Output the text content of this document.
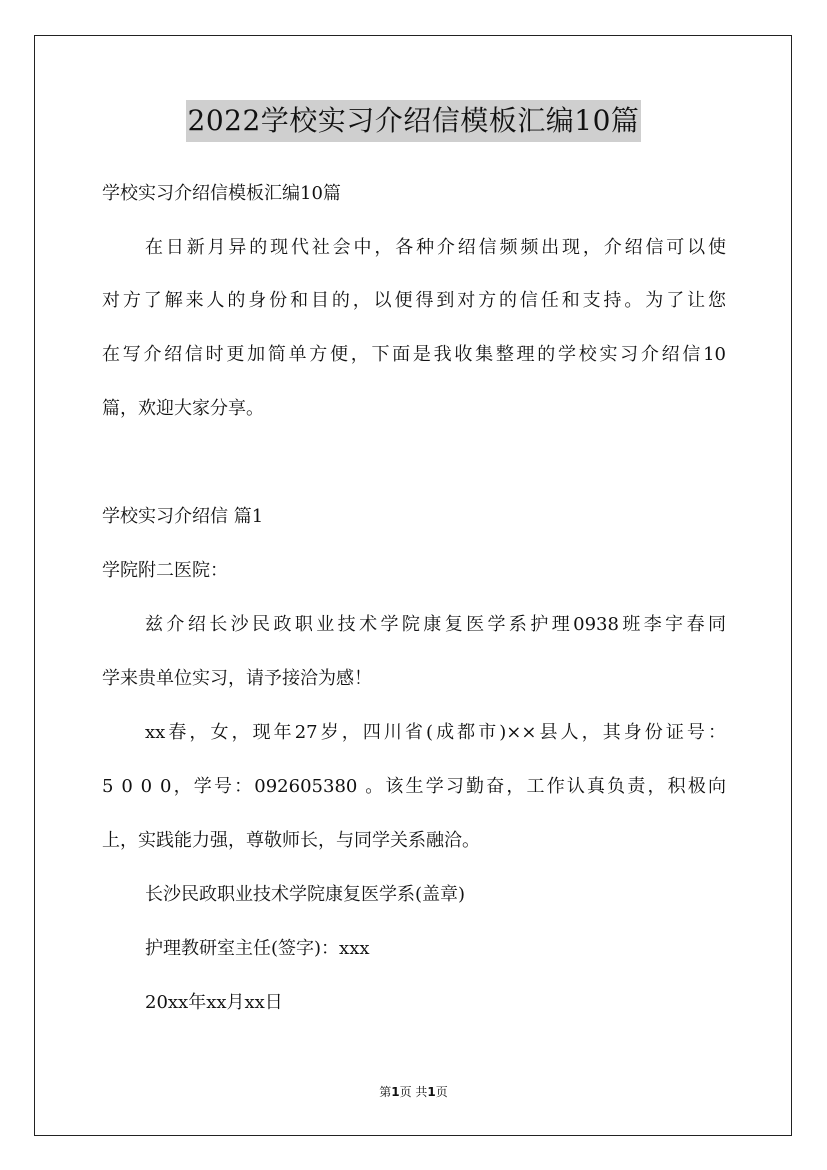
2022学校实习介绍信模板汇编10篇
学校实习介绍信模板汇编10篇
在日新月异的现代社会中，各种介绍信频频出现，介绍信可以使
对方了解来人的身份和目的，以便得到对方的信任和支持。为了让您
在写介绍信时更加简单方便，下面是我收集整理的学校实习介绍信10
篇，欢迎大家分享。
学校实习介绍信 篇1
学院附二医院：
兹介绍长沙民政职业技术学院康复医学系护理0938班李宇春同
学来贵单位实习，请予接洽为感！
xx春，女，现年27岁，四川省(成都市)××县人，其身份证号：
5 0 0 0，学号：092605380 。该生学习勤奋，工作认真负责，积极向
上，实践能力强，尊敬师长，与同学关系融洽。
长沙民政职业技术学院康复医学系(盖章)
护理教研室主任(签字)：xxx
20xx年xx月xx日
第1页 共1页
